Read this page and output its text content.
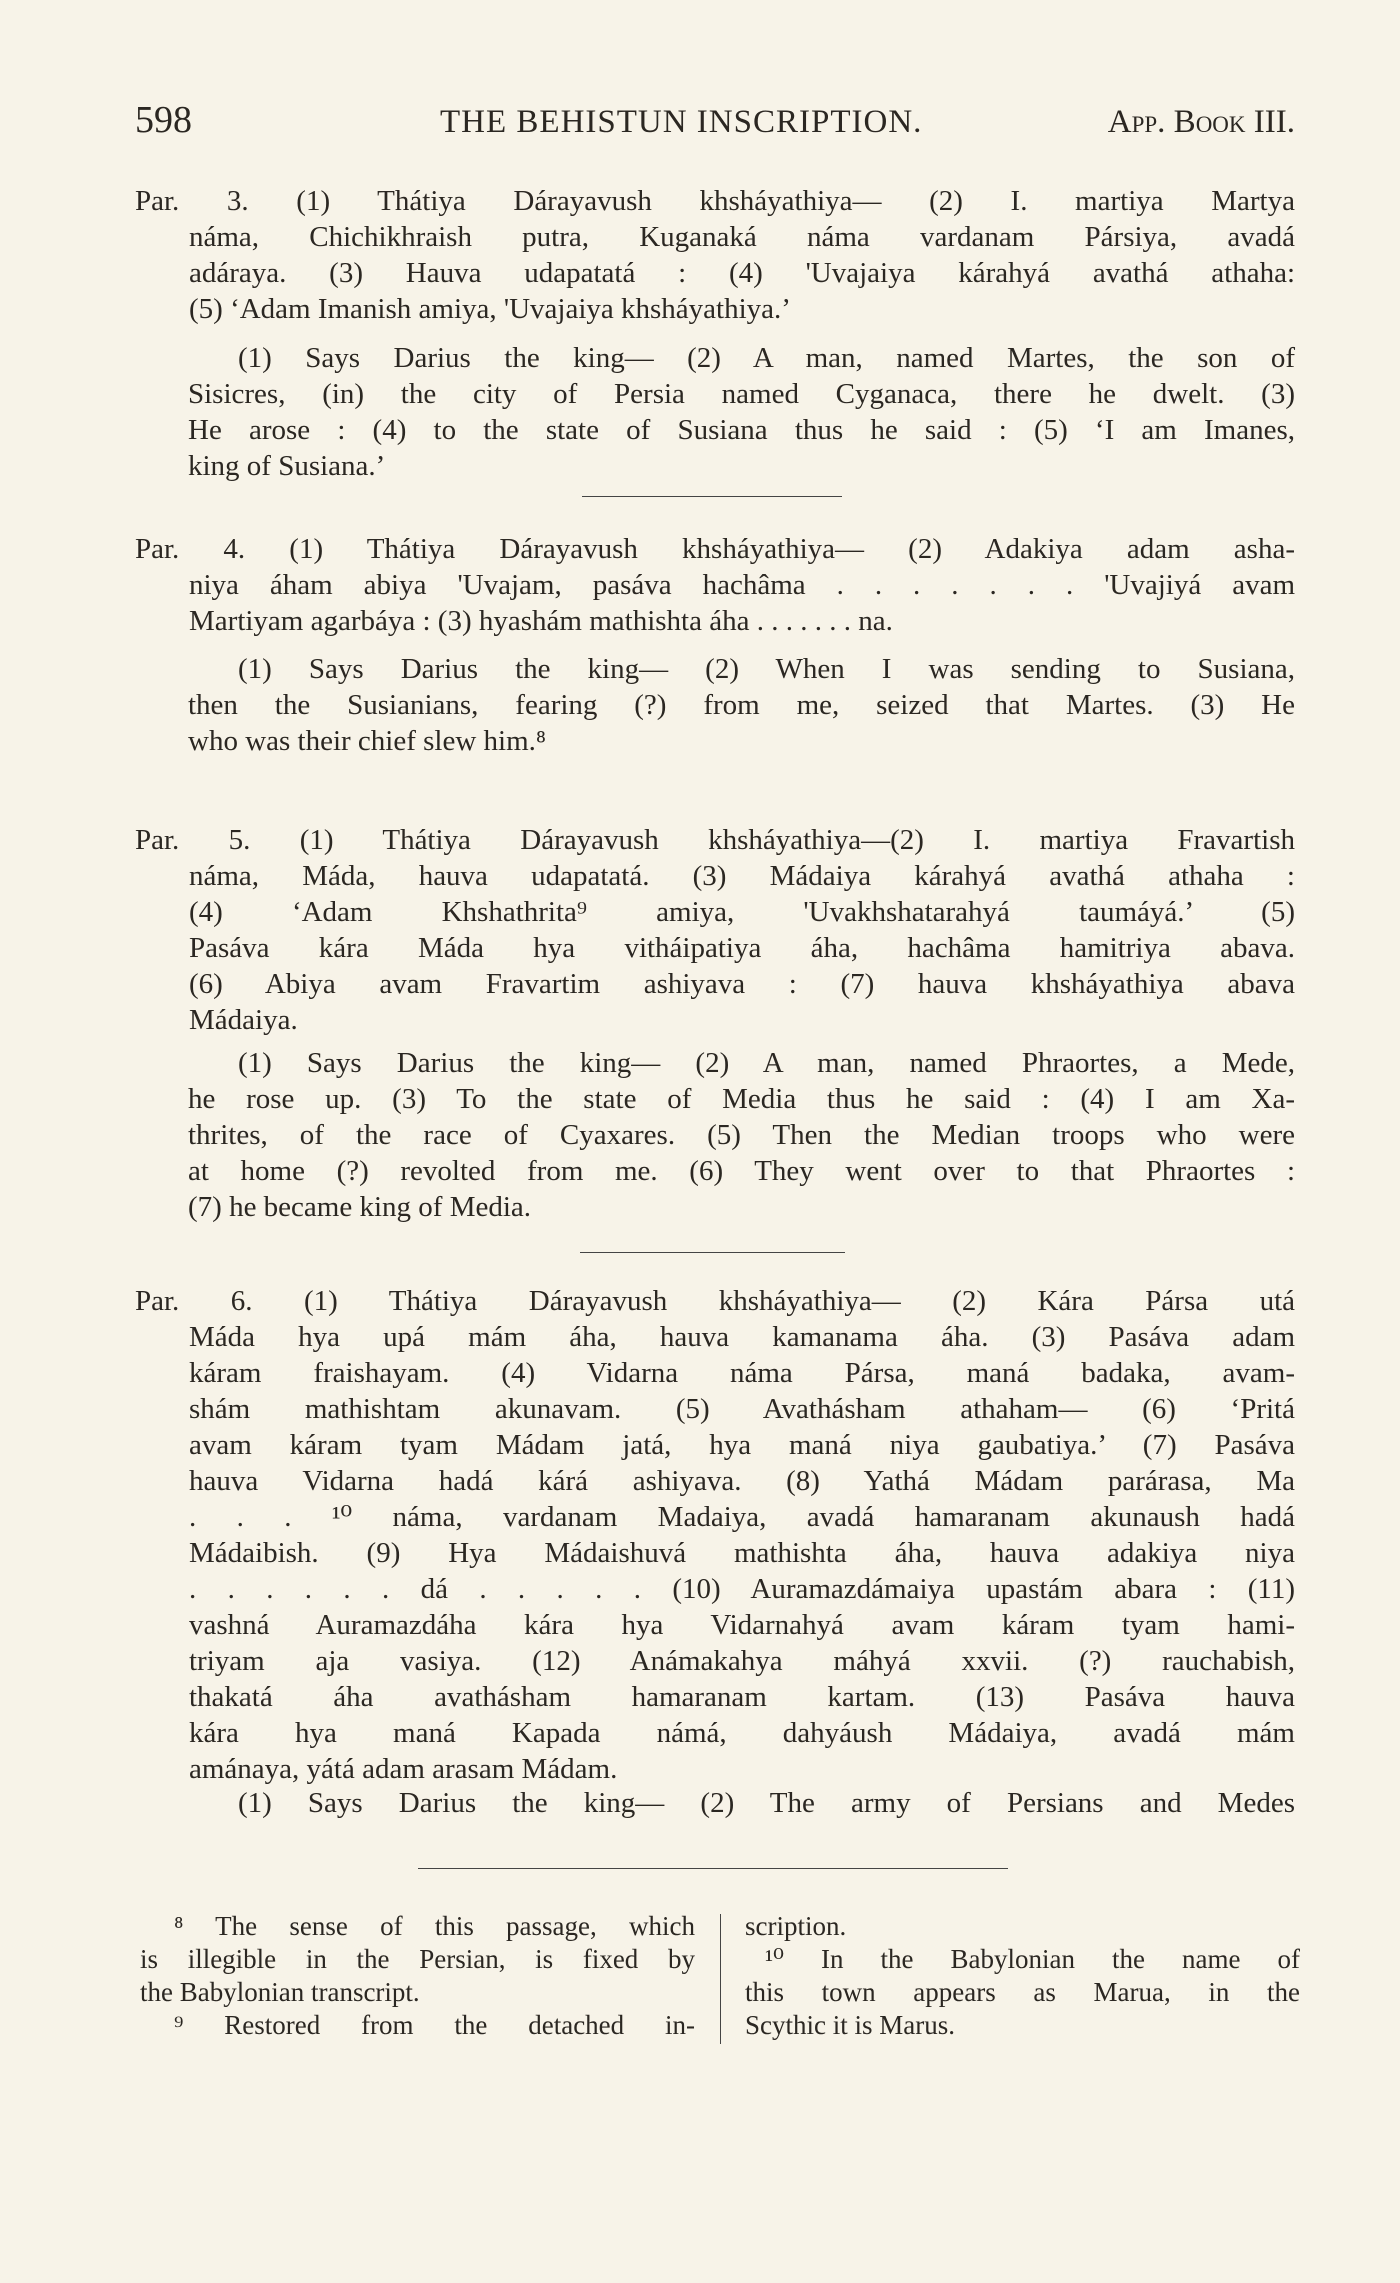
598	THE BEHISTUN INSCRIPTION.	App. Book III.
Par. 3. (1) Thátiya Dárayavush khsháyathiya— (2) I. martiya Martya
náma, Chichikhraish putra, Kuganaká náma vardanam Pársiya, avadá
adáraya. (3) Hauva udapatatá : (4) 'Uvajaiya kárahyá avathá athaha:
(5) ‘Adam Imanish amiya, 'Uvajaiya khsháyathiya.’
(1) Says Darius the king— (2) A man, named Martes, the son of
Sisicres, (in) the city of Persia named Cyganaca, there he dwelt. (3)
He arose : (4) to the state of Susiana thus he said : (5) ‘I am Imanes,
king of Susiana.’
Par. 4. (1) Thátiya Dárayavush khsháyathiya— (2) Adakiya adam asha-
niya áham abiya 'Uvajam, pasáva hachâma . . . . . . . 'Uvajiyá avam
Martiyam agarbáya : (3) hyashám mathishta áha . . . . . . . na.
(1) Says Darius the king— (2) When I was sending to Susiana,
then the Susianians, fearing (?) from me, seized that Martes. (3) He
who was their chief slew him.⁸
Par. 5. (1) Thátiya Dárayavush khsháyathiya—(2) I. martiya Fravartish
náma, Máda, hauva udapatatá. (3) Mádaiya kárahyá avathá athaha :
(4) ‘Adam Khshathrita⁹ amiya, 'Uvakhshatarahyá taumáyá.’ (5)
Pasáva kára Máda hya vitháipatiya áha, hachâma hamitriya abava.
(6) Abiya avam Fravartim ashiyava : (7) hauva khsháyathiya abava
Mádaiya.
(1) Says Darius the king— (2) A man, named Phraortes, a Mede,
he rose up. (3) To the state of Media thus he said : (4) I am Xa-
thrites, of the race of Cyaxares. (5) Then the Median troops who were
at home (?) revolted from me. (6) They went over to that Phraortes :
(7) he became king of Media.
Par. 6. (1) Thátiya Dárayavush khsháyathiya— (2) Kára Pársa utá
Máda hya upá mám áha, hauva kamanama áha. (3) Pasáva adam
káram fraishayam. (4) Vidarna náma Pársa, maná badaka, avam-
shám mathishtam akunavam. (5) Avathásham athaham— (6) ‘Pritá
avam káram tyam Mádam jatá, hya maná niya gaubatiya.’ (7) Pasáva
hauva Vidarna hadá kárá ashiyava. (8) Yathá Mádam parárasa, Ma
. . . ¹⁰ náma, vardanam Madaiya, avadá hamaranam akunaush hadá
Mádaibish. (9) Hya Mádaishuvá mathishta áha, hauva adakiya niya
. . . . . . dá . . . . . (10) Auramazdámaiya upastám abara : (11)
vashná Auramazdáha kára hya Vidarnahyá avam káram tyam hami-
triyam aja vasiya. (12) Anámakahya máhyá xxvii. (?) rauchabish,
thakatá áha avathásham hamaranam kartam. (13) Pasáva hauva
kára hya maná Kapada námá, dahyáush Mádaiya, avadá mám
amánaya, yátá adam arasam Mádam.
(1) Says Darius the king— (2) The army of Persians and Medes
⁸ The sense of this passage, which
is illegible in the Persian, is fixed by
the Babylonian transcript.
⁹ Restored from the detached in-
scription.
¹⁰ In the Babylonian the name of
this town appears as Marua, in the
Scythic it is Marus.
